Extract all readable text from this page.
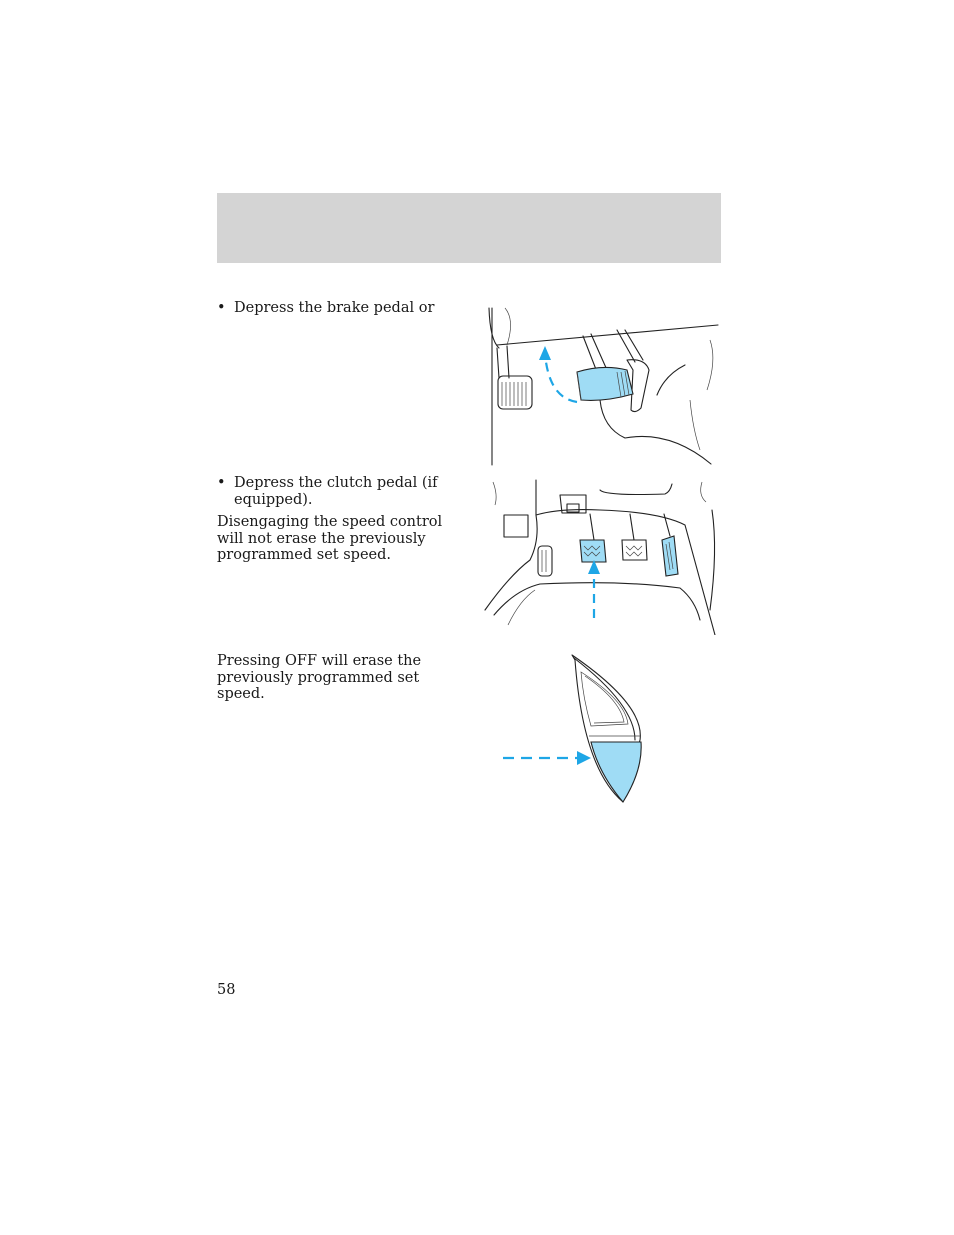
• Depress the brake pedal or
• Depress the clutch pedal (if equipped).
Disengaging the speed control will not erase the previously programmed set speed.
Pressing OFF will erase the previously programmed set speed.
58
